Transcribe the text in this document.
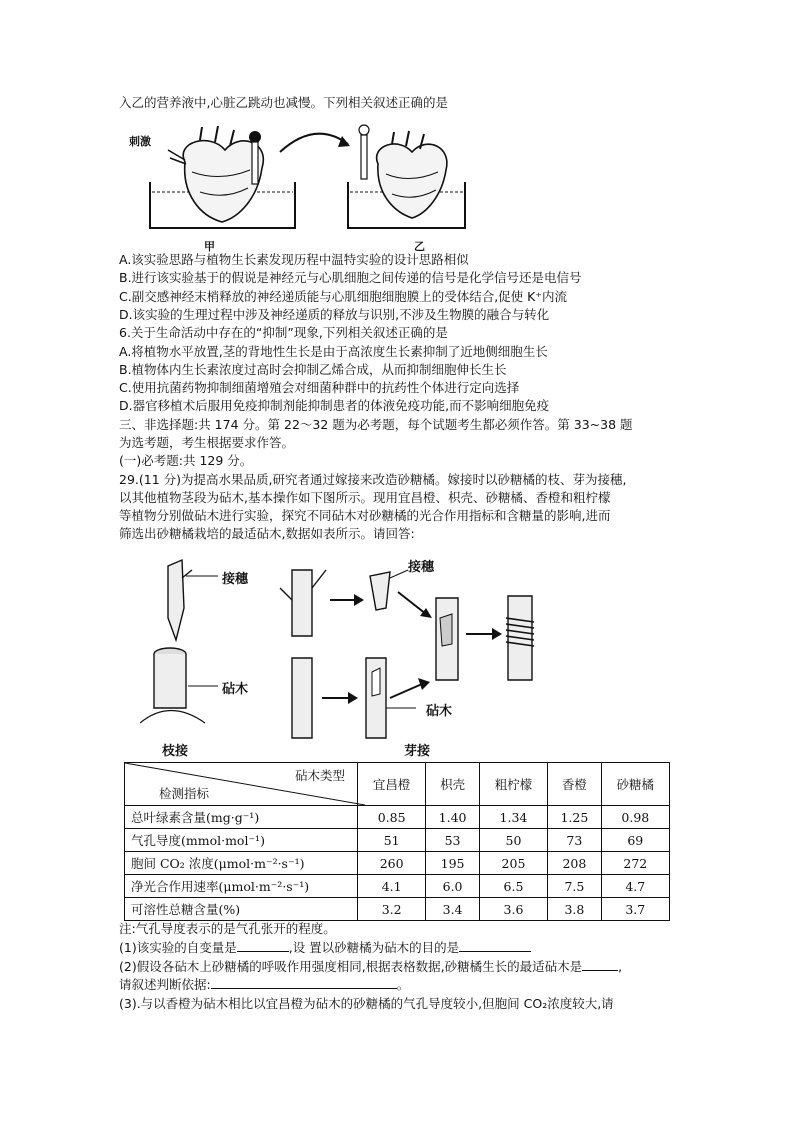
入乙的营养液中,心脏乙跳动也减慢。下列相关叙述正确的是
刺激
甲	乙
A.该实验思路与植物生长素发现历程中温特实验的设计思路相似
B.进行该实验基于的假说是神经元与心肌细胞之间传递的信号是化学信号还是电信号
C.副交感神经末梢释放的神经递质能与心肌细胞细胞膜上的受体结合,促使 K⁺内流
D.该实验的生理过程中涉及神经递质的释放与识别,不涉及生物膜的融合与转化
6.关于生命活动中存在的“抑制”现象,下列相关叙述正确的是
A.将植物水平放置,茎的背地性生长是由于高浓度生长素抑制了近地侧细胞生长
B.植物体内生长素浓度过高时会抑制乙烯合成，从而抑制细胞伸长生长
C.使用抗菌药物抑制细菌增殖会对细菌种群中的抗药性个体进行定向选择
D.器官移植术后服用免疫抑制剂能抑制患者的体液免疫功能,而不影响细胞免疫
三、非选择题:共 174 分。第 22～32 题为必考题，每个试题考生都必须作答。第 33~38 题
为选考题，考生根据要求作答。
(一)必考题:共 129 分。
29.(11 分)为提高水果品质,研究者通过嫁接来改造砂糖橘。嫁接时以砂糖橘的枝、芽为接穗,
以其他植物茎段为砧木,基本操作如下图所示。现用宜昌橙、枳壳、砂糖橘、香橙和粗柠檬
等植物分别做砧木进行实验，探究不同砧木对砂糖橘的光合作用指标和含糖量的影响,进而
筛选出砂糖橘栽培的最适砧木,数据如表所示。请回答:
接穗
砧木
接穗
砧木
枝接	芽接
砧木类型
检测指标	宜昌橙	枳壳	粗柠檬	香橙	砂糖橘
总叶绿素含量(mg·g⁻¹)	0.85	1.40	1.34	1.25	0.98
气孔导度(mmol·mol⁻¹)	51	53	50	73	69
胞间 CO₂ 浓度(μmol·m⁻²·s⁻¹)	260	195	205	208	272
净光合作用速率(μmol·m⁻²·s⁻¹)	4.1	6.0	6.5	7.5	4.7
可溶性总糖含量(%)	3.2	3.4	3.6	3.8	3.7
注:气孔导度表示的是气孔张开的程度。
(1)该实验的自变量是	,设 置以砂糖橘为砧木的目的是
(2)假设各砧木上砂糖橘的呼吸作用强度相同,根据表格数据,砂糖橘生长的最适砧木是	,
请叙述判断依据:	。
(3).与以香橙为砧木相比以宜昌橙为砧木的砂糖橘的气孔导度较小,但胞间 CO₂浓度较大,请
